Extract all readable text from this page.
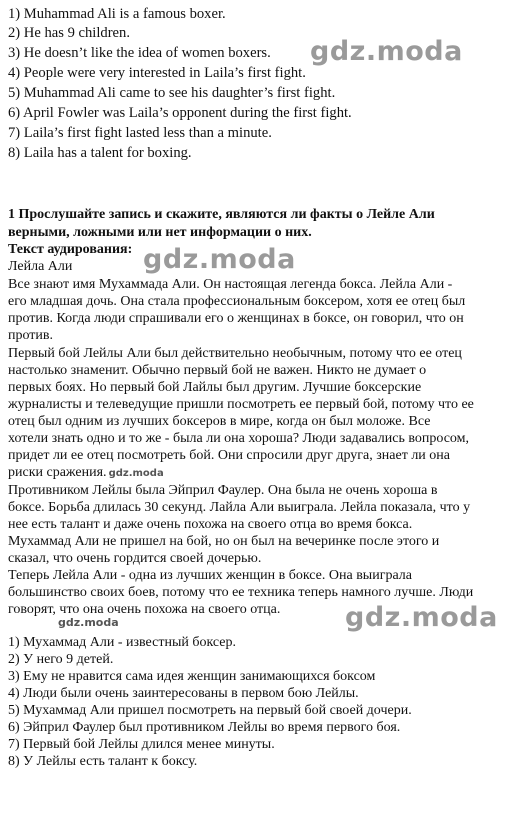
1) Muhammad Ali is a famous boxer.
2) He has 9 children.
3) He doesn’t like the idea of women boxers.
4) People were very interested in Laila’s first fight.
5) Muhammad Ali came to see his daughter’s first fight.
6) April Fowler was Laila’s opponent during the first fight.
7) Laila’s first fight lasted less than a minute.
8) Laila has a talent for boxing.
1 Прослушайте запись и скажите, являются ли факты о Лейле Али
верными, ложными или нет информации о них.
Текст аудирования:
Лейла Али
Все знают имя Мухаммада Али. Он настоящая легенда бокса. Лейла Али -
его младшая дочь. Она стала профессиональным боксером, хотя ее отец был
против. Когда люди спрашивали его о женщинах в боксе, он говорил, что он
против.
Первый бой Лейлы Али был действительно необычным, потому что ее отец
настолько знаменит. Обычно первый бой не важен. Никто не думает о
первых боях. Но первый бой Лайлы был другим. Лучшие боксерские
журналисты и телеведущие пришли посмотреть ее первый бой, потому что ее
отец был одним из лучших боксеров в мире, когда он был моложе. Все
хотели знать одно и то же - была ли она хороша? Люди задавались вопросом,
придет ли ее отец посмотреть бой. Они спросили друг друга, знает ли она
риски сражения. gdz.moda
Противником Лейлы была Эйприл Фаулер. Она была не очень хороша в
боксе. Борьба длилась 30 секунд. Лайла Али выиграла. Лейла показала, что у
нее есть талант и даже очень похожа на своего отца во время бокса.
Мухаммад Али не пришел на бой, но он был на вечеринке после этого и
сказал, что очень гордится своей дочерью.
Теперь Лейла Али - одна из лучших женщин в боксе. Она выиграла
большинство своих боев, потому что ее техника теперь намного лучше. Люди
говорят, что она очень похожа на своего отца.
1) Мухаммад Али - известный боксер.
2) У него 9 детей.
3) Ему не нравится сама идея женщин занимающихся боксом
4) Люди были очень заинтересованы в первом бою Лейлы.
5) Мухаммад Али пришел посмотреть на первый бой своей дочери.
6) Эйприл Фаулер был противником Лейлы во время первого боя.
7) Первый бой Лейлы длился менее минуты.
8) У Лейлы есть талант к боксу.
gdz.moda
gdz.moda
gdz.moda
gdz.moda
